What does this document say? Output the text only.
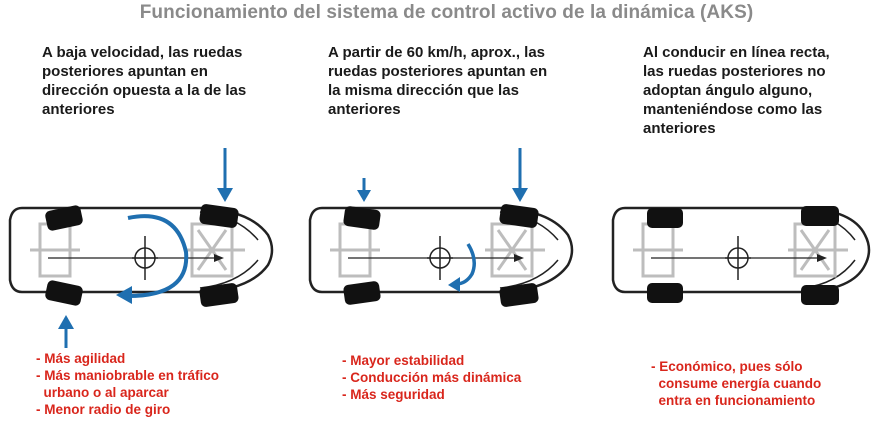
Funcionamiento del sistema de control activo de la dinámica (AKS)
A baja velocidad, las ruedas
posteriores apuntan en
dirección opuesta a la de las
anteriores
- Más agilidad
- Más maniobrable en tráfico
urbano o al aparcar
- Menor radio de giro
A partir de 60 km/h, aprox., las
ruedas posteriores apuntan en
la misma dirección que las
anteriores
- Mayor estabilidad
- Conducción más dinámica
- Más seguridad
Al conducir en línea recta,
las ruedas posteriores no
adoptan ángulo alguno,
manteniéndose como las
anteriores
- Económico, pues sólo
consume energía cuando
entra en funcionamiento
